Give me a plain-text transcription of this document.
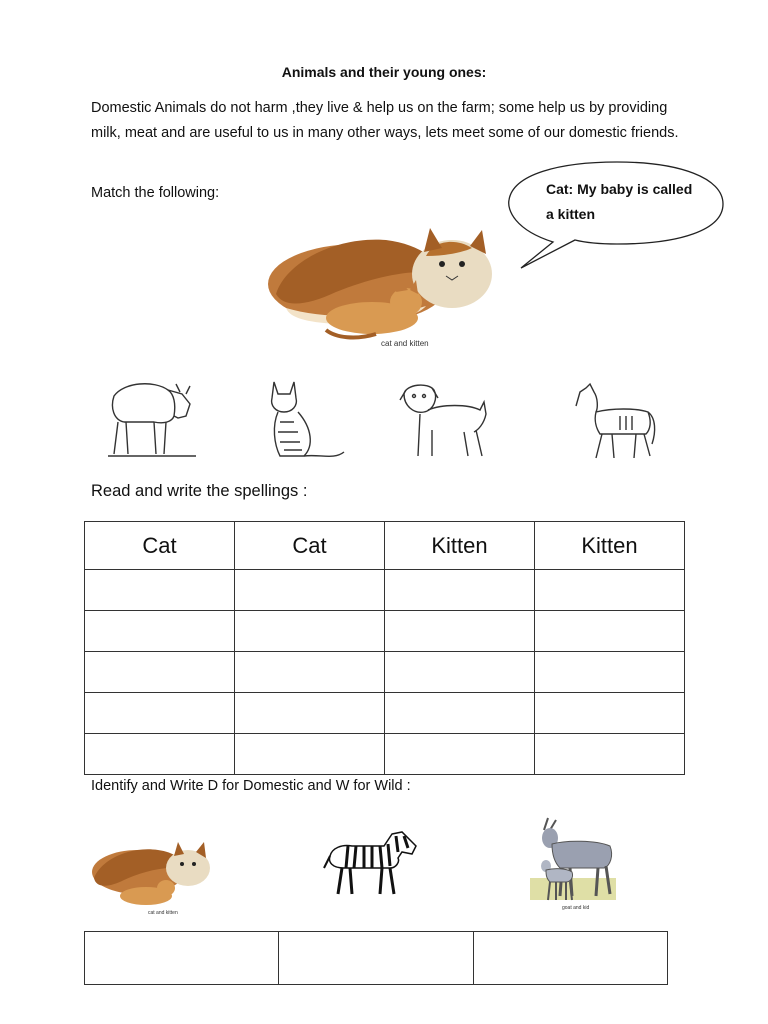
Animals and their young ones:
Domestic Animals do not harm ,they live & help us on the farm; some help us by providing milk, meat and are useful to us in many other ways, lets meet some of our domestic friends.
Match the following:	Cat: My baby is called a kitten
cat and kitten
Read and write the spellings :
Cat	Cat	Kitten	Kitten

Identify and Write D for Domestic and W for Wild :
cat and kitten
goat and kid
